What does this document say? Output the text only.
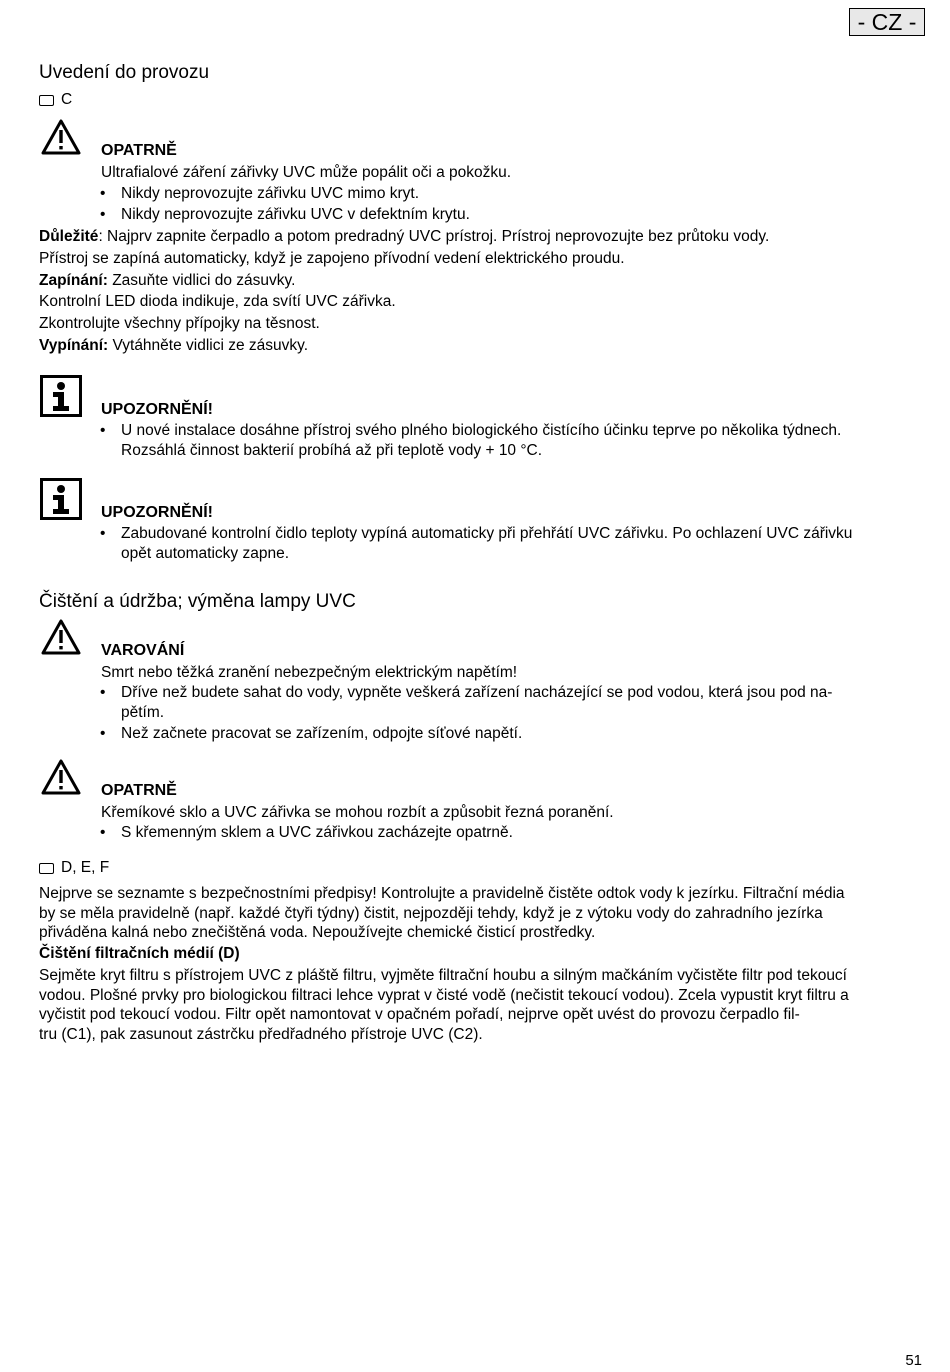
- CZ -
Uvedení do provozu
C
OPATRNĚ
Ultrafialové záření zářivky UVC může popálit oči a pokožku.
Nikdy neprovozujte zářivku UVC mimo kryt.
Nikdy neprovozujte zářivku UVC v defektním krytu.
Důležité: Najprv zapnite čerpadlo a potom predradný UVC prístroj. Prístroj neprovozujte bez průtoku vody.
Přístroj se zapíná automaticky, když je zapojeno přívodní vedení elektrického proudu.
Zapínání: Zasuňte vidlici do zásuvky.
Kontrolní LED dioda indikuje, zda svítí UVC zářivka.
Zkontrolujte všechny přípojky na těsnost.
Vypínání: Vytáhněte vidlici ze zásuvky.
UPOZORNĚNÍ!
U nové instalace dosáhne přístroj svého plného biologického čistícího účinku teprve po několika týdnech.
Rozsáhlá činnost bakterií probíhá až při teplotě vody + 10 °C.
UPOZORNĚNÍ!
Zabudované kontrolní čidlo teploty vypíná automaticky při přehřátí UVC zářivku. Po ochlazení UVC zářivku
opět automaticky zapne.
Čištění a údržba; výměna lampy UVC
VAROVÁNÍ
Smrt nebo těžká zranění nebezpečným elektrickým napětím!
Dříve než budete sahat do vody, vypněte veškerá zařízení nacházející se pod vodou, která jsou pod na-
pětím.
Než začnete pracovat se zařízením, odpojte síťové napětí.
OPATRNĚ
Křemíkové sklo a UVC zářivka se mohou rozbít a způsobit řezná poranění.
S křemenným sklem a UVC zářivkou zacházejte opatrně.
D, E, F
Nejprve se seznamte s bezpečnostními předpisy! Kontrolujte a pravidelně čistěte odtok vody k jezírku. Filtrační média
by se měla pravidelně (např. každé čtyři týdny) čistit, nejpozději tehdy, když je z výtoku vody do zahradního jezírka
přiváděna kalná nebo znečištěná voda. Nepoužívejte chemické čisticí prostředky.
Čištění filtračních médií (D)
Sejměte kryt filtru s přístrojem UVC z pláště filtru, vyjměte filtrační houbu a silným mačkáním vyčistěte filtr pod tekoucí
vodou. Plošné prvky pro biologickou filtraci lehce vyprat v čisté vodě (nečistit tekoucí vodou). Zcela vypustit kryt filtru a
vyčistit pod tekoucí vodou. Filtr opět namontovat v opačném pořadí, nejprve opět uvést do provozu čerpadlo fil-
tru (C1), pak zasunout zástrčku předřadného přístroje UVC (C2).
51
